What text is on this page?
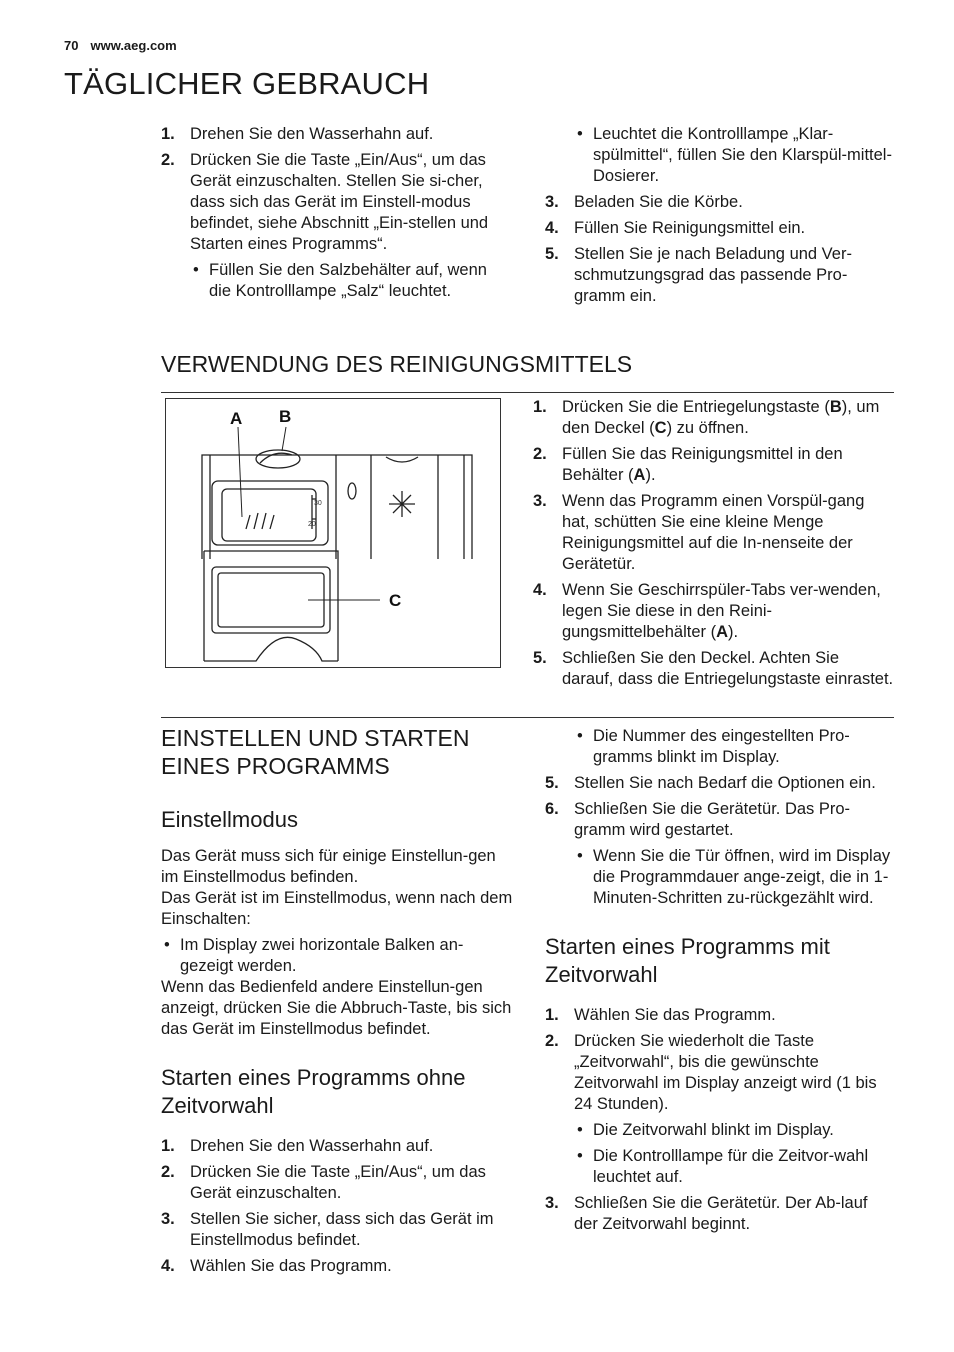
70 www.aeg.com
TÄGLICHER GEBRAUCH
1. Drehen Sie den Wasserhahn auf.

2. Drücken Sie die Taste „Ein/Aus“, um das Gerät einzuschalten. Stellen Sie si-cher, dass sich das Gerät im Einstell-modus befindet, siehe Abschnitt „Ein-stellen und Starten eines Programms“.

• Füllen Sie den Salzbehälter auf, wenn die Kontrolllampe „Salz“ leuchtet.

• Leuchtet die Kontrolllampe „Klar-spülmittel“, füllen Sie den Klarspül-mittel-Dosierer.

3. Beladen Sie die Körbe.

4. Füllen Sie Reinigungsmittel ein.

5. Stellen Sie je nach Beladung und Ver-schmutzungsgrad das passende Pro-gramm ein.

VERWENDUNG DES REINIGUNGSMITTELS
A B
C
30
20
1. Drücken Sie die Entriegelungstaste (B), um den Deckel (C) zu öffnen.

2. Füllen Sie das Reinigungsmittel in den Behälter (A).

3. Wenn das Programm einen Vorspül-gang hat, schütten Sie eine kleine Menge Reinigungsmittel auf die In-nenseite der Gerätetür.

4. Wenn Sie Geschirrspüler-Tabs ver-wenden, legen Sie diese in den Reini-gungsmittelbehälter (A).

5. Schließen Sie den Deckel. Achten Sie darauf, dass die Entriegelungstaste einrastet.

EINSTELLEN UND STARTEN
EINES PROGRAMMS
Einstellmodus

Das Gerät muss sich für einige Einstellun-gen im Einstellmodus befinden.

Das Gerät ist im Einstellmodus, wenn nach dem Einschalten:

• Im Display zwei horizontale Balken an-gezeigt werden.

Wenn das Bedienfeld andere Einstellun-gen anzeigt, drücken Sie die Abbruch-Taste, bis sich das Gerät im Einstellmodus befindet.

Starten eines Programms ohne
Zeitvorwahl
1. Drehen Sie den Wasserhahn auf.

2. Drücken Sie die Taste „Ein/Aus“, um das Gerät einzuschalten.

3. Stellen Sie sicher, dass sich das Gerät im Einstellmodus befindet.

4. Wählen Sie das Programm.

• Die Nummer des eingestellten Pro-gramms blinkt im Display.

5. Stellen Sie nach Bedarf die Optionen ein.

6. Schließen Sie die Gerätetür. Das Pro-gramm wird gestartet.

• Wenn Sie die Tür öffnen, wird im Display die Programmdauer ange-zeigt, die in 1-Minuten-Schritten zu-rückgezählt wird.

Starten eines Programms mit
Zeitvorwahl
1. Wählen Sie das Programm.

2. Drücken Sie wiederholt die Taste „Zeitvorwahl“, bis die gewünschte Zeitvorwahl im Display anzeigt wird (1 bis 24 Stunden).

• Die Zeitvorwahl blinkt im Display.

• Die Kontrolllampe für die Zeitvor-wahl leuchtet auf.

3. Schließen Sie die Gerätetür. Der Ab-lauf der Zeitvorwahl beginnt.
